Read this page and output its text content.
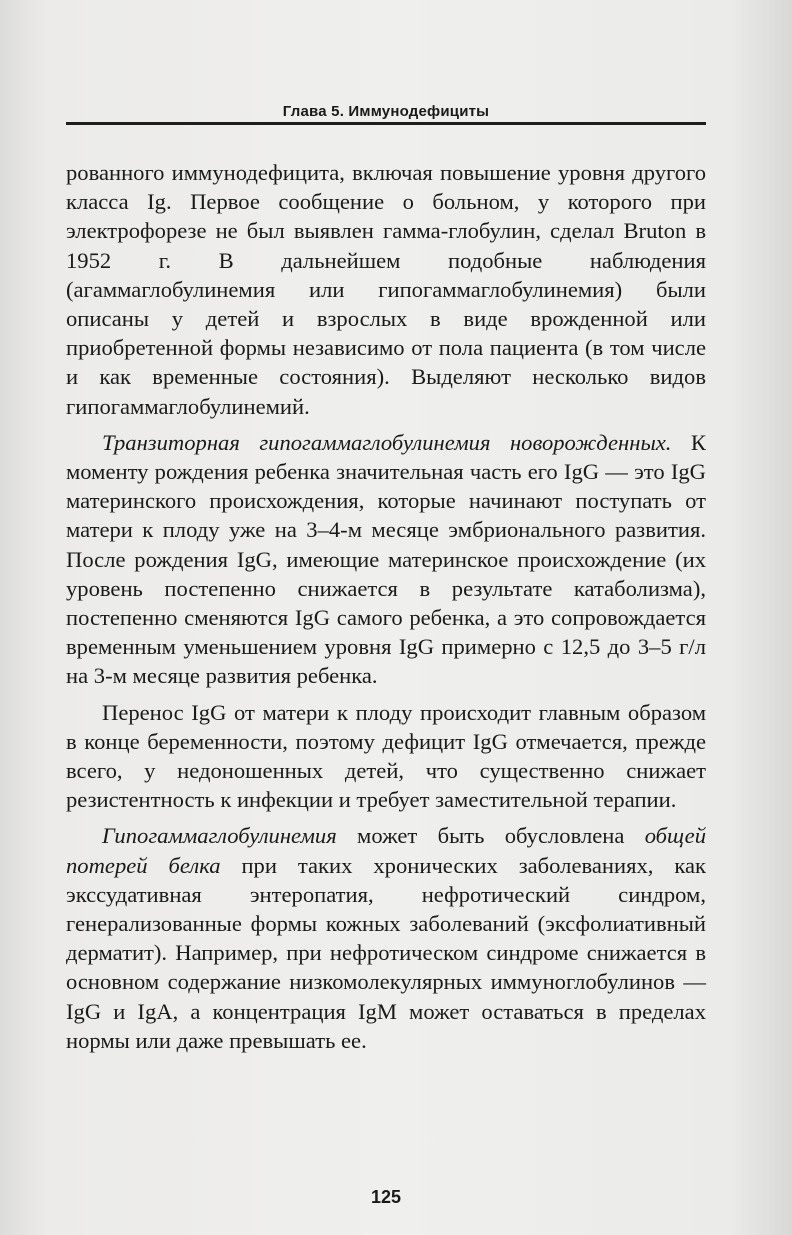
Глава 5. Иммунодефициты

рованного иммунодефицита, включая повышение уровня другого класса Ig. Первое сообщение о больном, у которого при электрофорезе не был выявлен гамма-глобулин, сделал Bruton в 1952 г. В дальнейшем подобные наблюдения (агаммаглобулинемия или гипогаммаглобулинемия) были описаны у детей и взрослых в виде врожденной или приобретенной формы независимо от пола пациента (в том числе и как временные состояния). Выделяют несколько видов гипогаммаглобулинемий.

Транзиторная гипогаммаглобулинемия новорожденных. К моменту рождения ребенка значительная часть его IgG — это IgG материнского происхождения, которые начинают поступать от матери к плоду уже на 3–4-м месяце эмбрионального развития. После рождения IgG, имеющие материнское происхождение (их уровень постепенно снижается в результате катаболизма), постепенно сменяются IgG самого ребенка, а это сопровождается временным уменьшением уровня IgG примерно с 12,5 до 3–5 г/л на 3-м месяце развития ребенка.

Перенос IgG от матери к плоду происходит главным образом в конце беременности, поэтому дефицит IgG отмечается, прежде всего, у недоношенных детей, что существенно снижает резистентность к инфекции и требует заместительной терапии.

Гипогаммаглобулинемия может быть обусловлена общей потерей белка при таких хронических заболеваниях, как экссудативная энтеропатия, нефротический синдром, генерализованные формы кожных заболеваний (эксфолиативный дерматит). Например, при нефротическом синдроме снижается в основном содержание низкомолекулярных иммуноглобулинов — IgG и IgA, а концентрация IgM может оставаться в пределах нормы или даже превышать ее.

125
